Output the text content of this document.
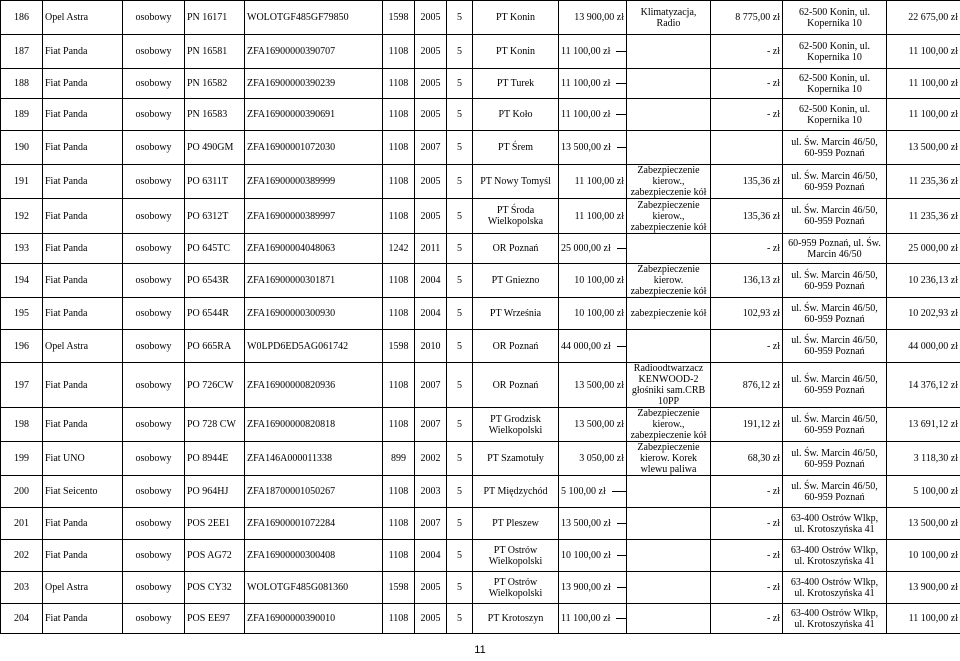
186	Opel Astra	osobowy	PN 16171	WOLOTGF485GF79850	1598	2005	5	PT Konin	13 900,00 zł	Klimatyzacja, Radio	8 775,00 zł	62-500 Konin, ul. Kopernika 10	22 675,00 zł
187	Fiat Panda	osobowy	PN 16581	ZFA16900000390707	1108	2005	5	PT Konin	11 100,00 zł		- zł	62-500 Konin, ul. Kopernika 10	11 100,00 zł
188	Fiat Panda	osobowy	PN 16582	ZFA16900000390239	1108	2005	5	PT Turek	11 100,00 zł		- zł	62-500 Konin, ul. Kopernika 10	11 100,00 zł
189	Fiat Panda	osobowy	PN 16583	ZFA16900000390691	1108	2005	5	PT Koło	11 100,00 zł		- zł	62-500 Konin, ul. Kopernika 10	11 100,00 zł
190	Fiat Panda	osobowy	PO 490GM	ZFA16900001072030	1108	2007	5	PT Śrem	13 500,00 zł			ul. Św. Marcin 46/50, 60-959 Poznań	13 500,00 zł
191	Fiat Panda	osobowy	PO 6311T	ZFA16900000389999	1108	2005	5	PT Nowy Tomyśl	11 100,00 zł	Zabezpieczenie kierow., zabezpieczenie kół	135,36 zł	ul. Św. Marcin 46/50, 60-959 Poznań	11 235,36 zł
192	Fiat Panda	osobowy	PO 6312T	ZFA16900000389997	1108	2005	5	PT Środa Wielkopolska	11 100,00 zł	Zabezpieczenie kierow., zabezpieczenie kół	135,36 zł	ul. Św. Marcin 46/50, 60-959 Poznań	11 235,36 zł
193	Fiat Panda	osobowy	PO 645TC	ZFA16900004048063	1242	2011	5	OR Poznań	25 000,00 zł		- zł	60-959 Poznań, ul. Św. Marcin 46/50	25 000,00 zł
194	Fiat Panda	osobowy	PO 6543R	ZFA16900000301871	1108	2004	5	PT Gniezno	10 100,00 zł	Zabezpieczenie kierow. zabezpieczenie kół	136,13 zł	ul. Św. Marcin 46/50, 60-959 Poznań	10 236,13 zł
195	Fiat Panda	osobowy	PO 6544R	ZFA16900000300930	1108	2004	5	PT Września	10 100,00 zł	zabezpieczenie kół	102,93 zł	ul. Św. Marcin 46/50, 60-959 Poznań	10 202,93 zł
196	Opel Astra	osobowy	PO 665RA	W0LPD6ED5AG061742	1598	2010	5	OR Poznań	44 000,00 zł		- zł	ul. Św. Marcin 46/50, 60-959 Poznań	44 000,00 zł
197	Fiat Panda	osobowy	PO 726CW	ZFA16900000820936	1108	2007	5	OR Poznań	13 500,00 zł	Radioodtwarzacz KENWOOD-2 głośniki sam.CRB 10PP	876,12 zł	ul. Św. Marcin 46/50, 60-959 Poznań	14 376,12 zł
198	Fiat Panda	osobowy	PO 728 CW	ZFA16900000820818	1108	2007	5	PT Grodzisk Wielkopolski	13 500,00 zł	Zabezpieczenie kierow., zabezpieczenie kół	191,12 zł	ul. Św. Marcin 46/50, 60-959 Poznań	13 691,12 zł
199	Fiat UNO	osobowy	PO 8944E	ZFA146A000011338	899	2002	5	PT Szamotuły	3 050,00 zł	Zabezpieczenie kierow. Korek wlewu paliwa	68,30 zł	ul. Św. Marcin 46/50, 60-959 Poznań	3 118,30 zł
200	Fiat Seicento	osobowy	PO 964HJ	ZFA18700001050267	1108	2003	5	PT Międzychód	5 100,00 zł		- zł	ul. Św. Marcin 46/50, 60-959 Poznań	5 100,00 zł
201	Fiat Panda	osobowy	POS 2EE1	ZFA16900001072284	1108	2007	5	PT Pleszew	13 500,00 zł		- zł	63-400 Ostrów Wlkp, ul. Krotoszyńska 41	13 500,00 zł
202	Fiat Panda	osobowy	POS AG72	ZFA16900000300408	1108	2004	5	PT Ostrów Wielkopolski	10 100,00 zł		- zł	63-400 Ostrów Wlkp, ul. Krotoszyńska 41	10 100,00 zł
203	Opel Astra	osobowy	POS CY32	WOLOTGF485G081360	1598	2005	5	PT Ostrów Wielkopolski	13 900,00 zł		- zł	63-400 Ostrów Wlkp, ul. Krotoszyńska 41	13 900,00 zł
204	Fiat Panda	osobowy	POS EE97	ZFA16900000390010	1108	2005	5	PT Krotoszyn	11 100,00 zł		- zł	63-400 Ostrów Wlkp, ul. Krotoszyńska 41	11 100,00 zł
11
